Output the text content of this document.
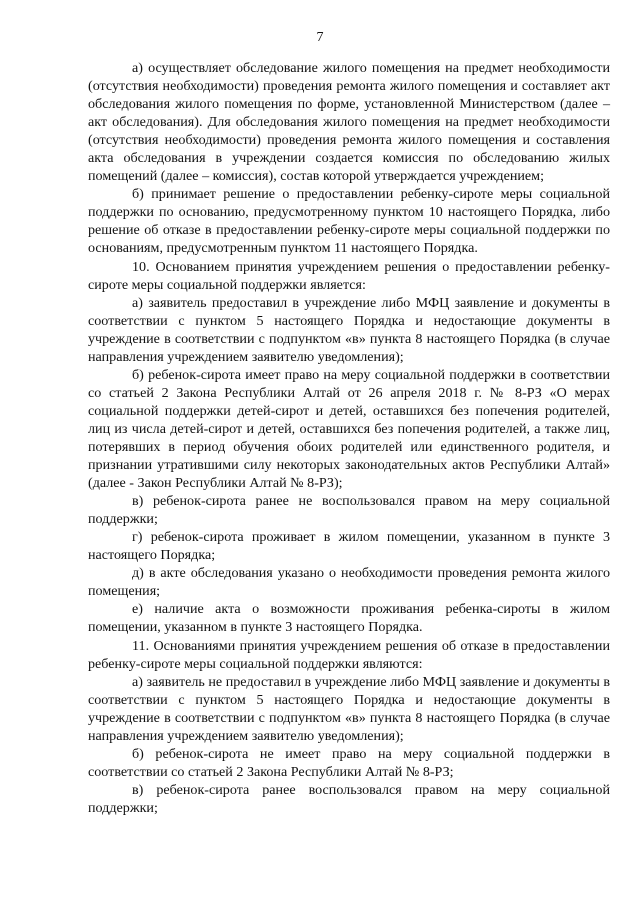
7

а) осуществляет обследование жилого помещения на предмет необходимости (отсутствия необходимости) проведения ремонта жилого помещения и составляет акт обследования жилого помещения по форме, установленной Министерством (далее – акт обследования). Для обследования жилого помещения на предмет необходимости (отсутствия необходимости) проведения ремонта жилого помещения и составления акта обследования в учреждении создается комиссия по обследованию жилых помещений (далее – комиссия), состав которой утверждается учреждением;

б) принимает решение о предоставлении ребенку-сироте меры социальной поддержки по основанию, предусмотренному пунктом 10 настоящего Порядка, либо решение об отказе в предоставлении ребенку-сироте меры социальной поддержки по основаниям, предусмотренным пунктом 11 настоящего Порядка.

10. Основанием принятия учреждением решения о предоставлении ребенку-сироте меры социальной поддержки является:

а) заявитель предоставил в учреждение либо МФЦ заявление и документы в соответствии с пунктом 5 настоящего Порядка и недостающие документы в учреждение в соответствии с подпунктом «в» пункта 8 настоящего Порядка (в случае направления учреждением заявителю уведомления);

б) ребенок-сирота имеет право на меру социальной поддержки в соответствии со статьей 2 Закона Республики Алтай от 26 апреля 2018 г. № 8-РЗ «О мерах социальной поддержки детей-сирот и детей, оставшихся без попечения родителей, лиц из числа детей-сирот и детей, оставшихся без попечения родителей, а также лиц, потерявших в период обучения обоих родителей или единственного родителя, и признании утратившими силу некоторых законодательных актов Республики Алтай» (далее - Закон Республики Алтай № 8-РЗ);

в) ребенок-сирота ранее не воспользовался правом на меру социальной поддержки;

г) ребенок-сирота проживает в жилом помещении, указанном в пункте 3 настоящего Порядка;

д) в акте обследования указано о необходимости проведения ремонта жилого помещения;

е) наличие акта о возможности проживания ребенка-сироты в жилом помещении, указанном в пункте 3 настоящего Порядка.

11. Основаниями принятия учреждением решения об отказе в предоставлении ребенку-сироте меры социальной поддержки являются:

а) заявитель не предоставил в учреждение либо МФЦ заявление и документы в соответствии с пунктом 5 настоящего Порядка и недостающие документы в учреждение в соответствии с подпунктом «в» пункта 8 настоящего Порядка (в случае направления учреждением заявителю уведомления);

б) ребенок-сирота не имеет право на меру социальной поддержки в соответствии со статьей 2 Закона Республики Алтай № 8-РЗ;

в) ребенок-сирота ранее воспользовался правом на меру социальной поддержки;
